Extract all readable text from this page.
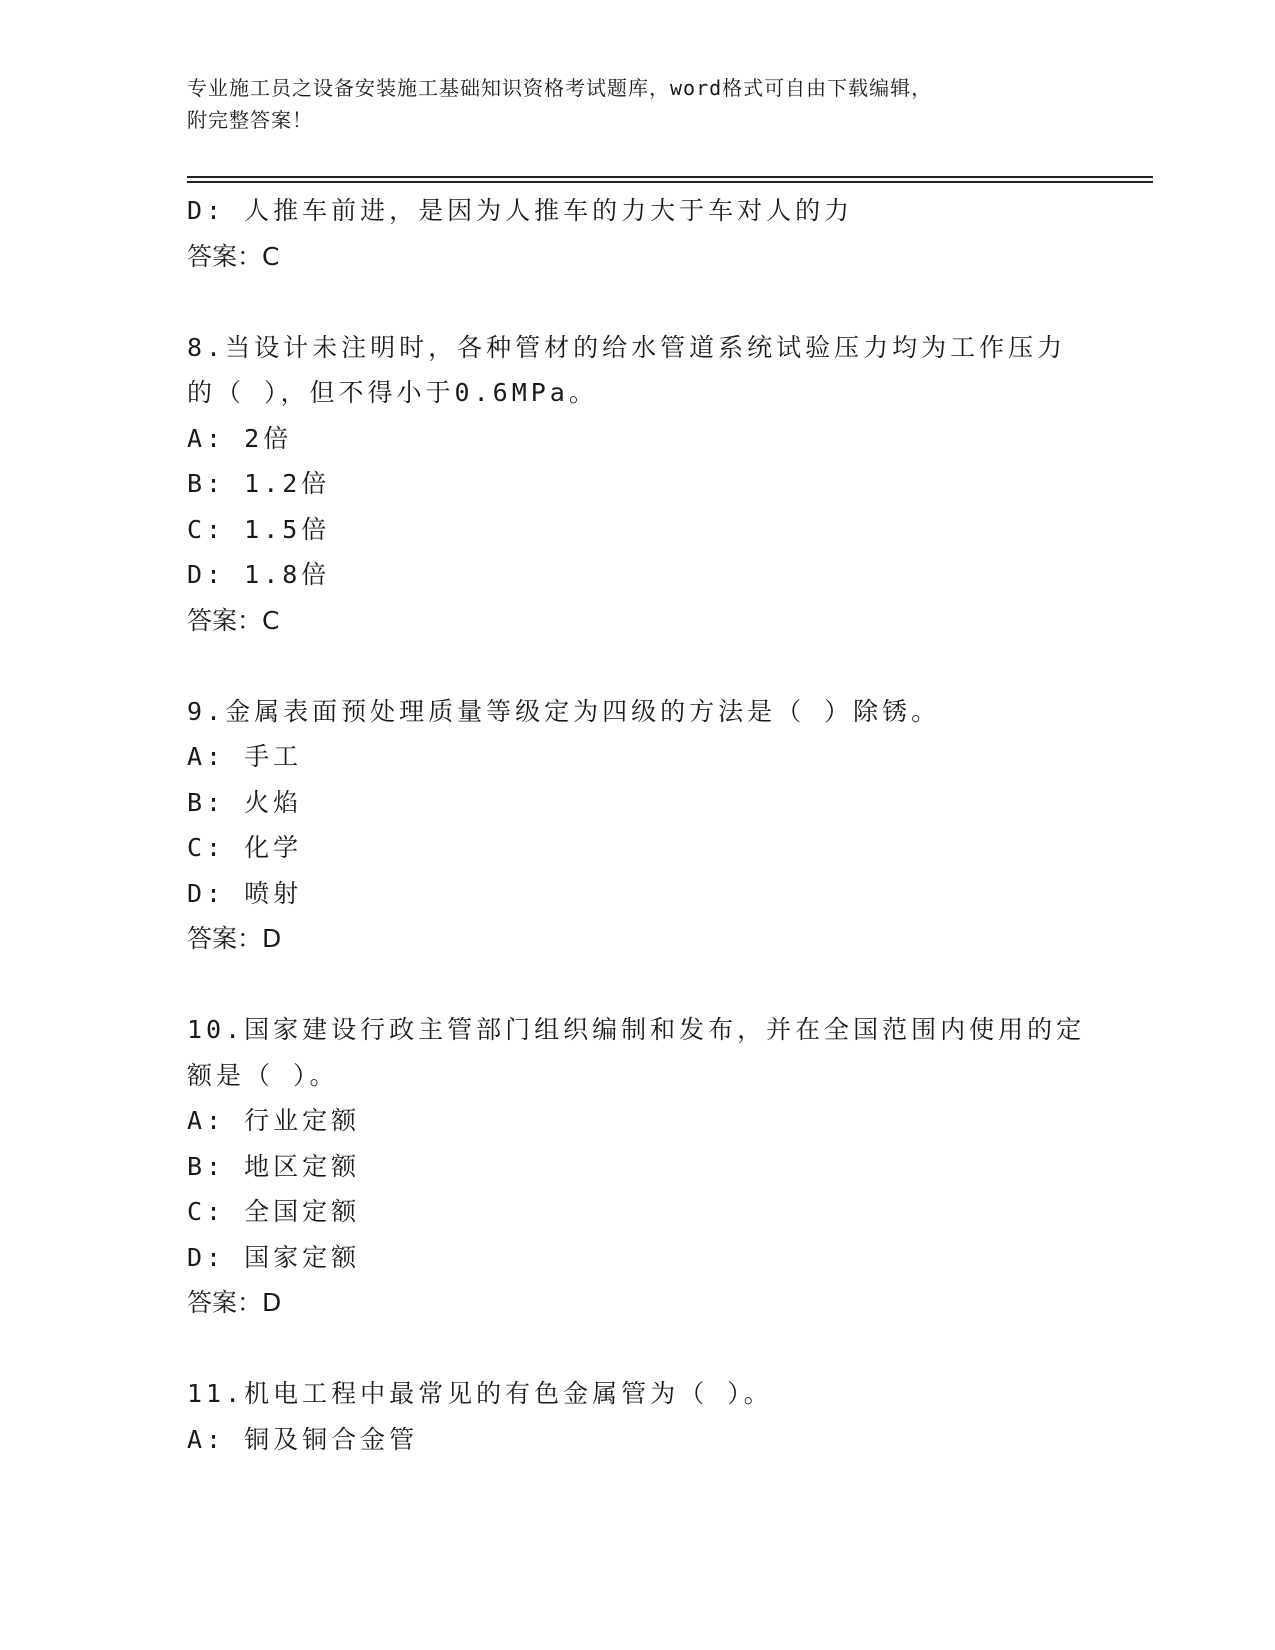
专业施工员之设备安装施工基础知识资格考试题库，word格式可自由下载编辑，
附完整答案！
D: 人推车前进，是因为人推车的力大于车对人的力
答案：C
8.当设计未注明时，各种管材的给水管道系统试验压力均为工作压力
的（ ），但不得小于0.6MPa。
A: 2倍
B: 1.2倍
C: 1.5倍
D: 1.8倍
答案：C
9.金属表面预处理质量等级定为四级的方法是（ ）除锈。
A: 手工
B: 火焰
C: 化学
D: 喷射
答案：D
10.国家建设行政主管部门组织编制和发布，并在全国范围内使用的定
额是（ ）。
A: 行业定额
B: 地区定额
C: 全国定额
D: 国家定额
答案：D
11.机电工程中最常见的有色金属管为（ ）。
A: 铜及铜合金管
